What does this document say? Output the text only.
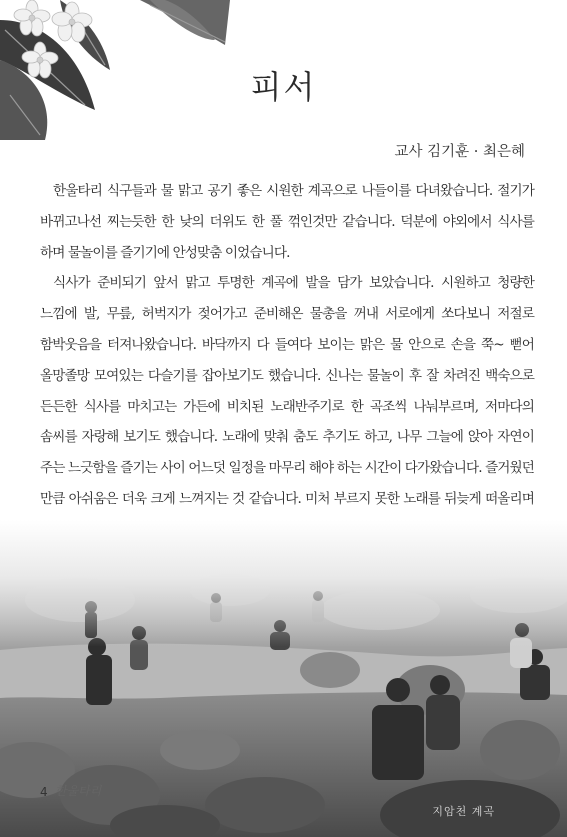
피서
교사 김기훈 · 최은혜

한울타리 식구들과 물 맑고 공기 좋은 시원한 계곡으로 나들이를 다녀왔습니다. 절기가 바뀌고나선 찌는듯한 한 낮의 더위도 한 풀 꺾인것만 같습니다. 덕분에 야외에서 식사를 하며 물놀이를 즐기기에 안성맞춤 이었습니다.

식사가 준비되기 앞서 맑고 투명한 계곡에 발을 담가 보았습니다. 시원하고 청량한 느낌에 발, 무릎, 허벅지가 젖어가고 준비해온 물총을 꺼내 서로에게 쏘다보니 저절로 함박웃음을 터져나왔습니다. 바닥까지 다 들여다 보이는 맑은 물 안으로 손을 쭉~ 뻗어 올망졸망 모여있는 다슬기를 잡아보기도 했습니다. 신나는 물놀이 후 잘 차려진 백숙으로 든든한 식사를 마치고는 가든에 비치된 노래반주기로 한 곡조씩 나눠부르며, 저마다의 솜씨를 자랑해 보기도 했습니다. 노래에 맞춰 춤도 추기도 하고, 나무 그늘에 앉아 자연이 주는 느긋함을 즐기는 사이 어느덧 일정을 마무리 해야 하는 시간이 다가왔습니다. 즐거웠던 만큼 아쉬움은 더욱 크게 느껴지는 것 같습니다. 미처 부르지 못한 노래를 뒤늦게 떠올리며

4 한울타리
지암천 계곡
